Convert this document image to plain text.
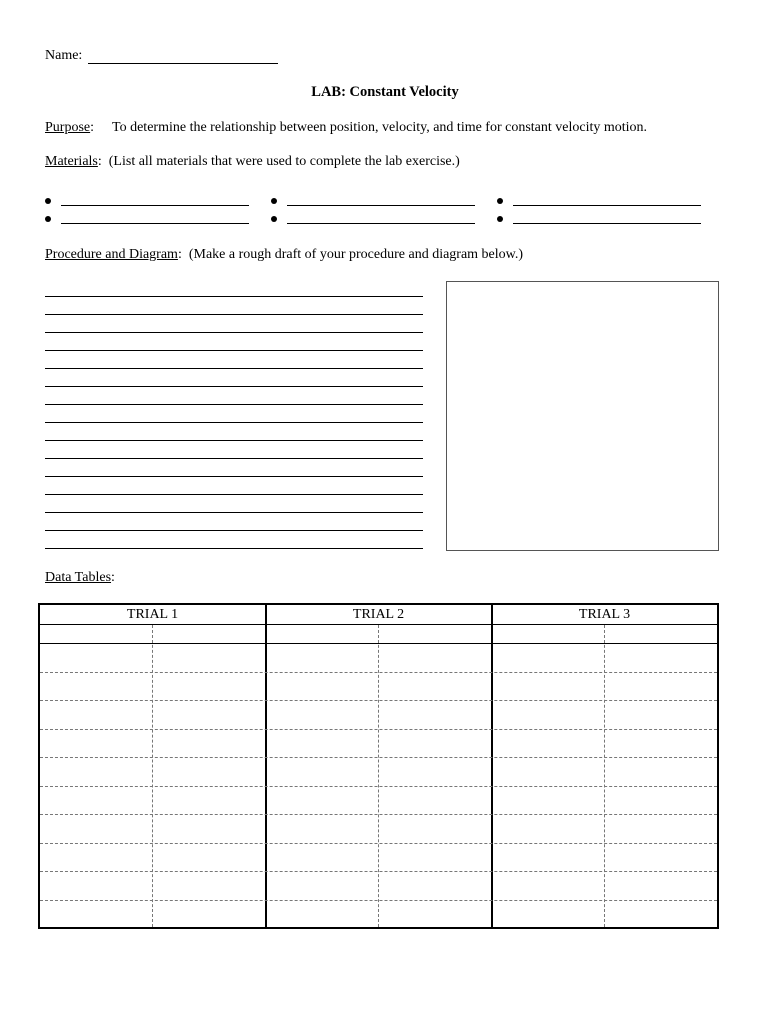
Name:
LAB: Constant Velocity
Purpose: To determine the relationship between position, velocity, and time for constant velocity motion.
Materials:  (List all materials that were used to complete the lab exercise.)
Procedure and Diagram:  (Make a rough draft of your procedure and diagram below.)
Data Tables:
TRIAL 1	TRIAL 2	TRIAL 3
